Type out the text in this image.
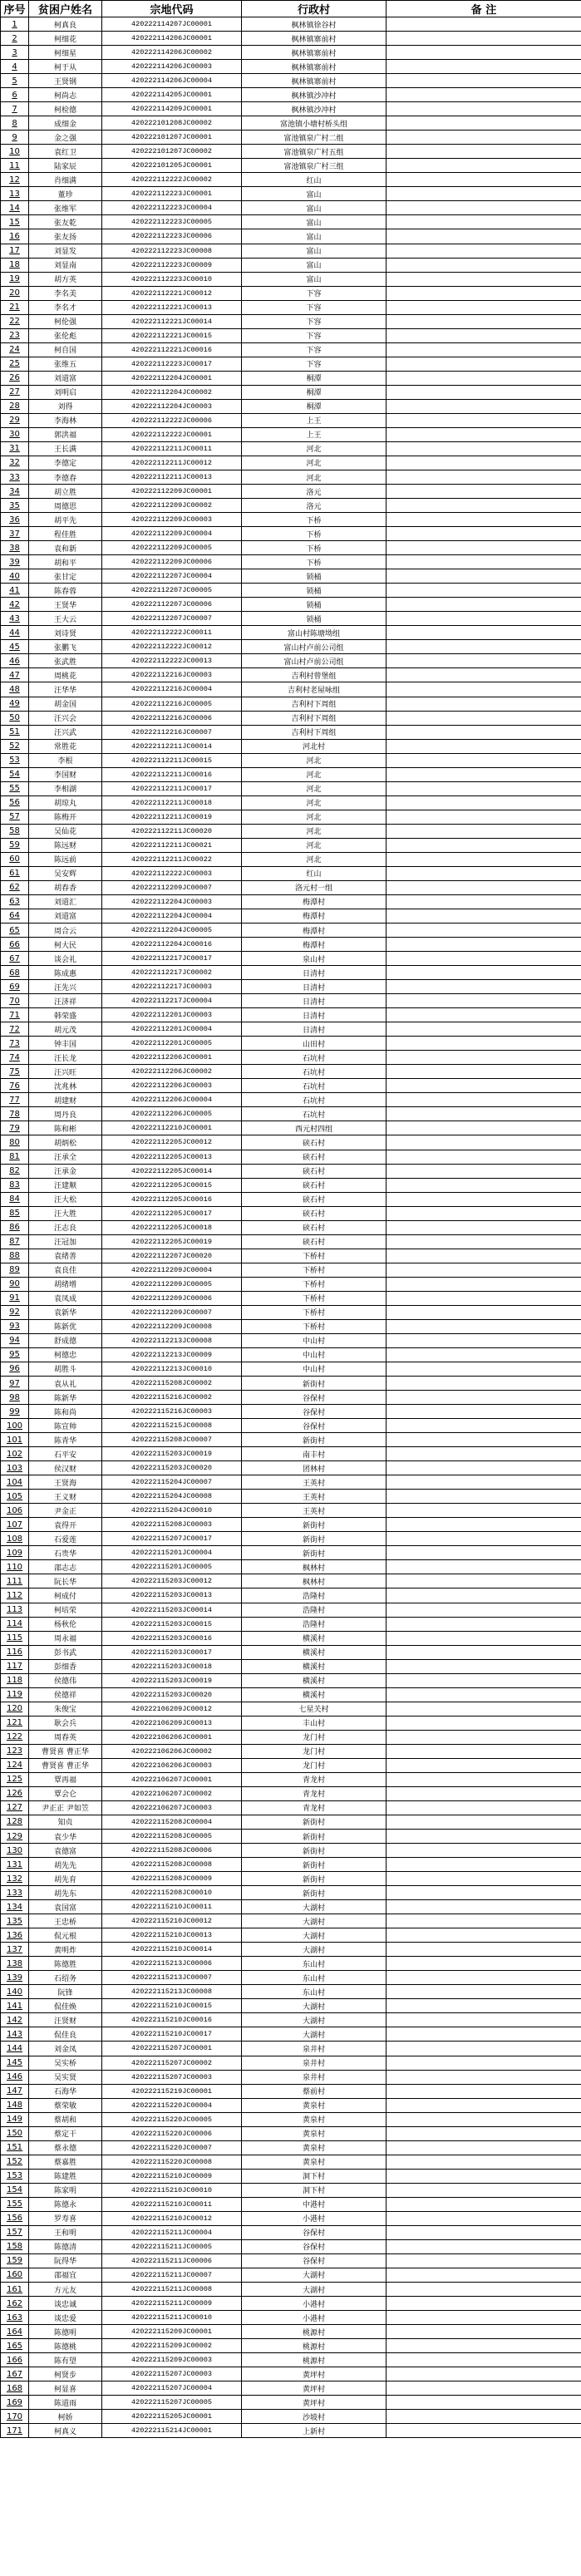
序号	贫困户姓名	宗地代码	行政村	备 注
1	柯真良	420222114207JC00001	枫林镇徐谷村	
2	柯细花	420222114206JC00001	枫林镇寨前村	
3	柯细星	420222114206JC00002	枫林镇寨前村	
4	柯于从	420222114206JC00003	枫林镇寨前村	
5	王贤钢	420222114206JC00004	枫林镇寨前村	
6	柯尚志	420222114205JC00001	枫林镇沙冲村	
7	柯检德	420222114209JC00001	枫林镇沙冲村	
8	成细金	420222101208JC00002	富池镇小塘村桥头组	
9	金之强	420222101207JC00001	富池镇泉广村二组	
10	袁红卫	420222101207JC00002	富池镇泉广村五组	
11	陆家辰	420222101205JC00001	富池镇泉广村三组	
12	肖细满	420222112222JC00002	红山	
13	董珍	420222112223JC00001	富山	
14	张维军	420222112223JC00004	富山	
15	张友乾	420222112223JC00005	富山	
16	张友扬	420222112223JC00006	富山	
17	刘显发	420222112223JC00008	富山	
18	刘显南	420222112223JC00009	富山	
19	胡方英	420222112223JC00010	富山	
20	李名美	420222112221JC00012	下容	
21	李名才	420222112221JC00013	下容	
22	柯伦强	420222112221JC00014	下容	
23	张伦彪	420222112221JC00015	下容	
24	柯自国	420222112221JC00016	下容	
25	张维五	420222112223JC00017	下容	
26	刘道富	420222112204JC00001	桐潭	
27	刘明启	420222112204JC00002	桐潭	
28	刘得	420222112204JC00003	桐潭	
29	李海林	420222112222JC00006	上王	
30	郭洪福	420222112222JC00001	上王	
31	王长满	420222112211JC00011	河北	
32	李德定	420222112211JC00012	河北	
33	李德春	420222112211JC00013	河北	
34	胡立胜	420222112209JC00001	洛元	
35	周德思	420222112209JC00002	洛元	
36	胡平先	420222112209JC00003	下桥	
37	程佳胜	420222112209JC00004	下桥	
38	袁和新	420222112209JC00005	下桥	
39	胡和平	420222112209JC00006	下桥	
40	张甘定	420222112207JC00004	锁桶	
41	陈春蓉	420222112207JC00005	锁桶	
42	王贤华	420222112207JC00006	锁桶	
43	王大云	420222112207JC00007	锁桶	
44	刘诗贤	420222112222JC00011	富山村陈塘坳组	
45	张鹏飞	420222112222JC00012	富山村卢前公司组	
46	张武胜	420222112222JC00013	富山村卢前公司组	
47	周桃花	420222112216JC00003	吉利村曾堡组	
48	汪华华	420222112216JC00004	吉利村老屋咏组	
49	胡金国	420222112216JC00005	吉利村下周组	
50	汪兴会	420222112216JC00006	吉利村下周组	
51	汪兴武	420222112216JC00007	吉利村下周组	
52	常胜花	420222112211JC00014	河北村	
53	李根	420222112211JC00015	河北	
54	李国财	420222112211JC00016	河北	
55	李相湖	420222112211JC00017	河北	
56	胡琼丸	420222112211JC00018	河北	
57	陈梅开	420222112211JC00019	河北	
58	吴仙花	420222112211JC00020	河北	
59	陈远财	420222112211JC00021	河北	
60	陈远前	420222112211JC00022	河北	
61	吴安辉	420222112222JC00003	红山	
62	胡春香	420222112209JC00007	洛元村一组	
63	刘道汇	420222112204JC00003	梅潭村	
64	刘道富	420222112204JC00004	梅潭村	
65	周合云	420222112204JC00005	梅潭村	
66	柯大民	420222112204JC00016	梅潭村	
67	谈会礼	420222112217JC00017	泉山村	
68	陈成惠	420222112217JC00002	日清村	
69	汪先兴	420222112217JC00003	日清村	
70	汪济祥	420222112217JC00004	日清村	
71	韩荣盛	420222112201JC00003	日清村	
72	胡元茂	420222112201JC00004	日清村	
73	钟丰国	420222112201JC00005	山田村	
74	汪长龙	420222112206JC00001	石坑村	
75	汪兴旺	420222112206JC00002	石坑村	
76	沈兆林	420222112206JC00003	石坑村	
77	胡建财	420222112206JC00004	石坑村	
78	周丹良	420222112206JC00005	石坑村	
79	陈和彬	420222112210JC00001	西元村四组	
80	胡炳松	420222112205JC00012	硖石村	
81	汪承全	420222112205JC00013	硖石村	
82	汪承金	420222112205JC00014	硖石村	
83	汪建顺	420222112205JC00015	硖石村	
84	汪大松	420222112205JC00016	硖石村	
85	汪大胜	420222112205JC00017	硖石村	
86	汪志良	420222112205JC00018	硖石村	
87	汪冠加	420222112205JC00019	硖石村	
88	袁绪善	420222112207JC00020	下桥村	
89	袁良佳	420222112209JC00004	下桥村	
90	胡绪增	420222112209JC00005	下桥村	
91	袁凤成	420222112209JC00006	下桥村	
92	袁新华	420222112209JC00007	下桥村	
93	陈新优	420222112209JC00008	下桥村	
94	舒成德	420222112213JC00008	中山村	
95	柯德忠	420222112213JC00009	中山村	
96	胡胜斗	420222112213JC00010	中山村	
97	袁从礼	420222115208JC00002	新街村	
98	陈新华	420222115216JC00002	谷保村	
99	陈和尚	420222115216JC00003	谷保村	
100	陈宣帅	420222115215JC00008	谷保村	
101	陈青华	420222115208JC00007	新街村	
102	石平安	420222115203JC00019	南丰村	
103	侯汉财	420222115203JC00020	团林村	
104	王贤海	420222115204JC00007	王英村	
105	王义财	420222115204JC00008	王英村	
106	尹金正	420222115204JC00010	王英村	
107	袁得开	420222115208JC00003	新街村	
108	石爱莲	420222115207JC00017	新街村	
109	石贵华	420222115201JC00004	新街村	
110	邵志志	420222115201JC00005	枫林村	
111	阮长华	420222115203JC00012	枫林村	
112	柯成付	420222115203JC00013	浩隆村	
113	柯培荣	420222115203JC00014	浩隆村	
114	杨秋伦	420222115203JC00015	浩隆村	
115	周永福	420222115203JC00016	横溪村	
116	彭书武	420222115203JC00017	横溪村	
117	彭细香	420222115203JC00018	横溪村	
118	侯德伟	420222115203JC00019	横溪村	
119	侯德祥	420222115203JC00020	横溪村	
120	朱俊宝	420222106209JC00012	七星关村	
121	耿会兵	420222106209JC00013	丰山村	
122	周春英	420222106206JC00001	龙门村	
123	曹贤喜 曹正华	420222106206JC00002	龙门村	
124	曹贤喜 曹正华	420222106206JC00003	龙门村	
125	覃再福	420222106207JC00001	青龙村	
126	覃会仑	420222106207JC00002	青龙村	
127	尹正正 尹如笠	420222106207JC00003	青龙村	
128	知贞	420222115208JC00004	新街村	
129	袁少华	420222115208JC00005	新街村	
130	袁德富	420222115208JC00006	新街村	
131	胡先先	420222115208JC00008	新街村	
132	胡先育	420222115208JC00009	新街村	
133	胡先东	420222115208JC00010	新街村	
134	袁国富	420222115210JC00011	大湖村	
135	王忠桥	420222115210JC00012	大湖村	
136	侃元根	420222115210JC00013	大湖村	
137	黄明炸	420222115210JC00014	大湖村	
138	陈德胜	420222115213JC00006	东山村	
139	石绍务	420222115213JC00007	东山村	
140	阮锋	420222115213JC00008	东山村	
141	侃佳焕	420222115210JC00015	大湖村	
142	汪贤财	420222115210JC00016	大湖村	
143	侃佳良	420222115210JC00017	大湖村	
144	刘金凤	420222115207JC00001	泉井村	
145	吴实桥	420222115207JC00002	泉井村	
146	吴实贤	420222115207JC00003	泉井村	
147	石海华	420222115219JC00001	蔡前村	
148	蔡荣敏	420222115220JC00004	黄泉村	
149	蔡胡和	420222115220JC00005	黄泉村	
150	蔡定干	420222115220JC00006	黄泉村	
151	蔡永德	420222115220JC00007	黄泉村	
152	蔡嘉胜	420222115220JC00008	黄泉村	
153	陈建胜	420222115210JC00009	洞下村	
154	陈家明	420222115210JC00010	洞下村	
155	陈德永	420222115210JC00011	中港村	
156	罗寿喜	420222115210JC00012	小港村	
157	王和明	420222115211JC00004	谷保村	
158	陈德清	420222115211JC00005	谷保村	
159	阮得华	420222115211JC00006	谷保村	
160	邵福宜	420222115211JC00007	大湖村	
161	方元友	420222115211JC00008	大湖村	
162	谈忠诚	420222115211JC00009	小港村	
163	谈忠爱	420222115211JC00010	小港村	
164	陈德明	420222115209JC00001	桃源村	
165	陈德桃	420222115209JC00002	桃源村	
166	陈有望	420222115209JC00003	桃源村	
167	柯贤步	420222115207JC00003	黄坪村	
168	柯显喜	420222115207JC00004	黄坪村	
169	陈道雨	420222115207JC00005	黄坪村	
170	柯娇	420222115205JC00001	沙坡村	
171	柯真义	420222115214JC00001	上新村	
